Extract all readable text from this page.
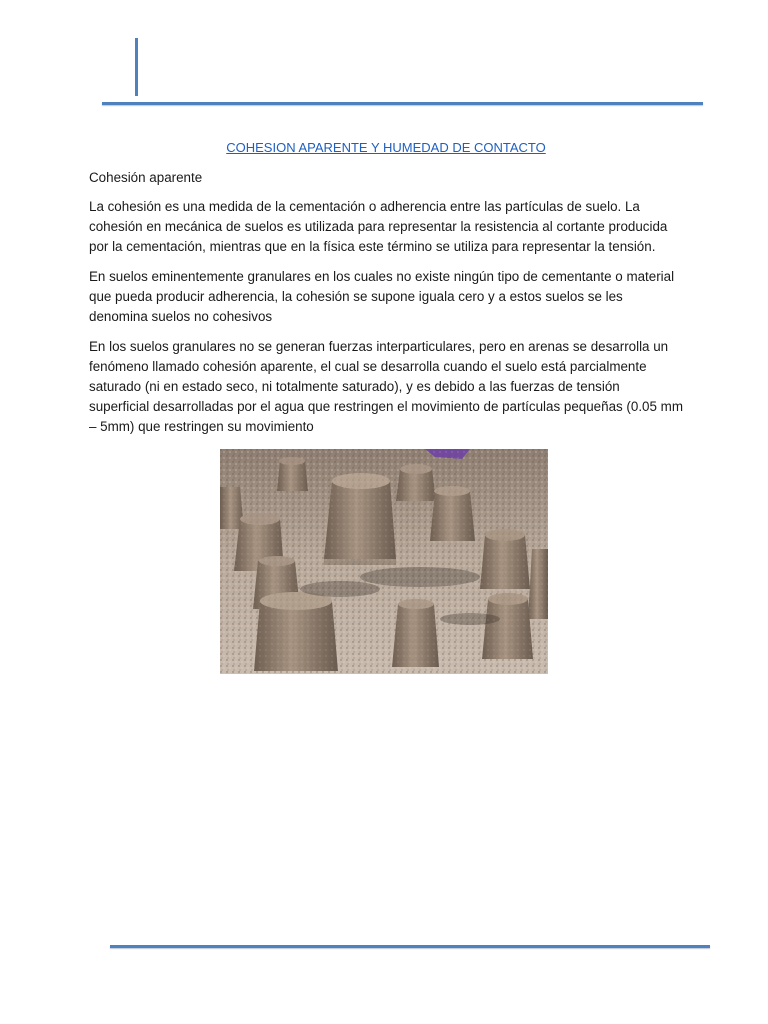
COHESION APARENTE Y HUMEDAD DE CONTACTO
Cohesión aparente

La cohesión es una medida de la cementación o adherencia entre las partículas de suelo. La cohesión en mecánica de suelos es utilizada para representar la resistencia al cortante producida por la cementación, mientras que en la física este término se utiliza para representar la tensión.

En suelos eminentemente granulares en los cuales no existe ningún tipo de cementante o material que pueda producir adherencia, la cohesión se supone iguala cero y a estos suelos se les denomina suelos no cohesivos

En los suelos granulares no se generan fuerzas interparticulares, pero en arenas se desarrolla un fenómeno llamado cohesión aparente, el cual se desarrolla cuando el suelo está parcialmente saturado (ni en estado seco, ni totalmente saturado), y es debido a las fuerzas de tensión superficial desarrolladas por el agua que restringen el movimiento de partículas pequeñas (0.05 mm – 5mm) que restringen su movimiento
